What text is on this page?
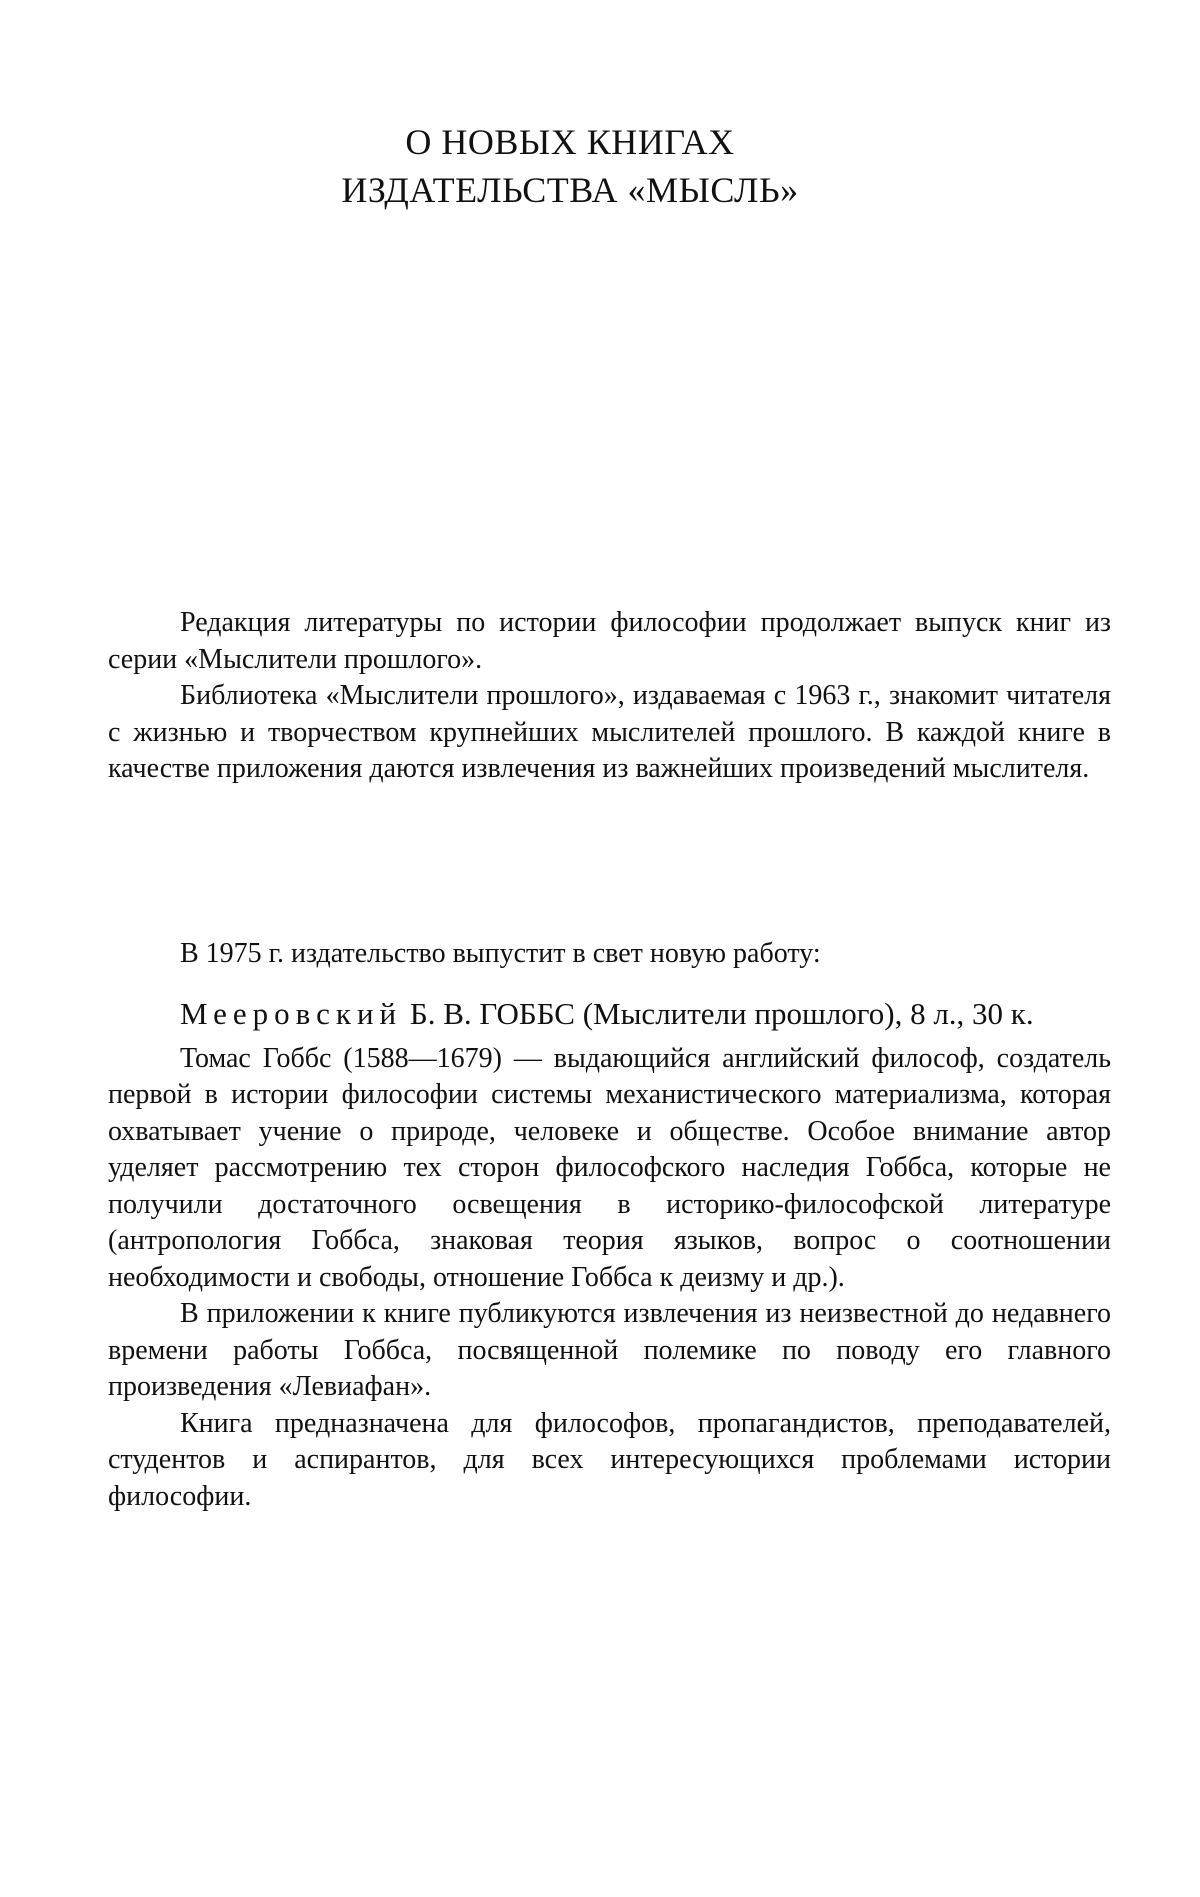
О НОВЫХ КНИГАХ
ИЗДАТЕЛЬСТВА «МЫСЛЬ»

Редакция литературы по истории философии продолжает выпуск книг из серии «Мыслители прошлого».

Библиотека «Мыслители прошлого», издаваемая с 1963 г., знакомит читателя с жизнью и творчеством крупнейших мыслителей прошлого. В каждой книге в качестве приложения даются извлечения из важнейших произведений мыслителя.

В 1975 г. издательство выпустит в свет новую работу:

Мееровский Б. В. ГОББС (Мыслители прошлого), 8 л., 30 к.

Томас Гоббс (1588—1679) — выдающийся английский философ, создатель первой в истории философии системы механистического материализма, которая охватывает учение о природе, человеке и обществе. Особое внимание автор уделяет рассмотрению тех сторон философского наследия Гоббса, которые не получили достаточного освещения в историко-философской литературе (антропология Гоббса, знаковая теория языков, вопрос о соотношении необходимости и свободы, отношение Гоббса к деизму и др.).

В приложении к книге публикуются извлечения из неизвестной до недавнего времени работы Гоббса, посвященной полемике по поводу его главного произведения «Левиафан».

Книга предназначена для философов, пропагандистов, преподавателей, студентов и аспирантов, для всех интересующихся проблемами истории философии.
